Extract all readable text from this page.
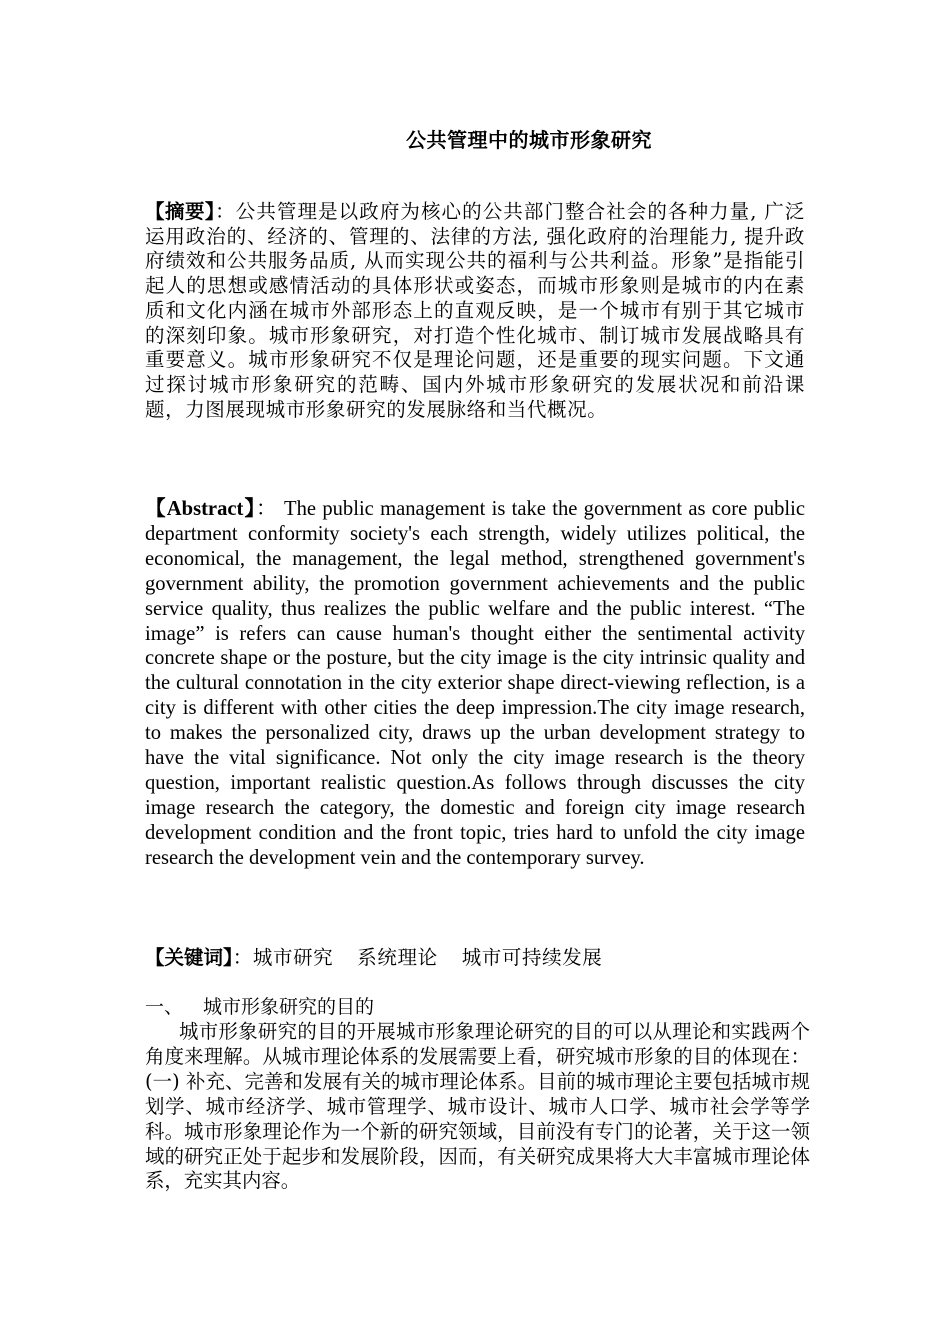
公共管理中的城市形象研究
【摘要】：公共管理是以政府为核心的公共部门整合社会的各种力量, 广泛运用政治的、经济的、管理的、法律的方法, 强化政府的治理能力, 提升政府绩效和公共服务品质, 从而实现公共的福利与公共利益。形象”是指能引起人的思想或感情活动的具体形状或姿态，而城市形象则是城市的内在素质和文化内涵在城市外部形态上的直观反映，是一个城市有别于其它城市的深刻印象。城市形象研究，对打造个性化城市、制订城市发展战略具有重要意义。城市形象研究不仅是理论问题，还是重要的现实问题。下文通过探讨城市形象研究的范畴、国内外城市形象研究的发展状况和前沿课题，力图展现城市形象研究的发展脉络和当代概况。
【Abstract】： The public management is take the government as core public department conformity society's each strength, widely utilizes political, the economical, the management, the legal method, strengthened government's government ability, the promotion government achievements and the public service quality, thus realizes the public welfare and the public interest. “The image” is refers can cause human's thought either the sentimental activity concrete shape or the posture, but the city image is the city intrinsic quality and the cultural connotation in the city exterior shape direct-viewing reflection, is a city is different with other cities the deep impression.The city image research, to makes the personalized city, draws up the urban development strategy to have the vital significance. Not only the city image research is the theory question, important realistic question.As follows through discusses the city image research the category, the domestic and foreign city image research development condition and the front topic, tries hard to unfold the city image research the development vein and the contemporary survey.
【关键词】：城市研究 系统理论 城市可持续发展
一、 城市形象研究的目的
城市形象研究的目的开展城市形象理论研究的目的可以从理论和实践两个角度来理解。从城市理论体系的发展需要上看，研究城市形象的目的体现在： (一) 补充、完善和发展有关的城市理论体系。目前的城市理论主要包括城市规划学、城市经济学、城市管理学、城市设计、城市人口学、城市社会学等学科。城市形象理论作为一个新的研究领域，目前没有专门的论著，关于这一领域的研究正处于起步和发展阶段，因而，有关研究成果将大大丰富城市理论体系，充实其内容。
